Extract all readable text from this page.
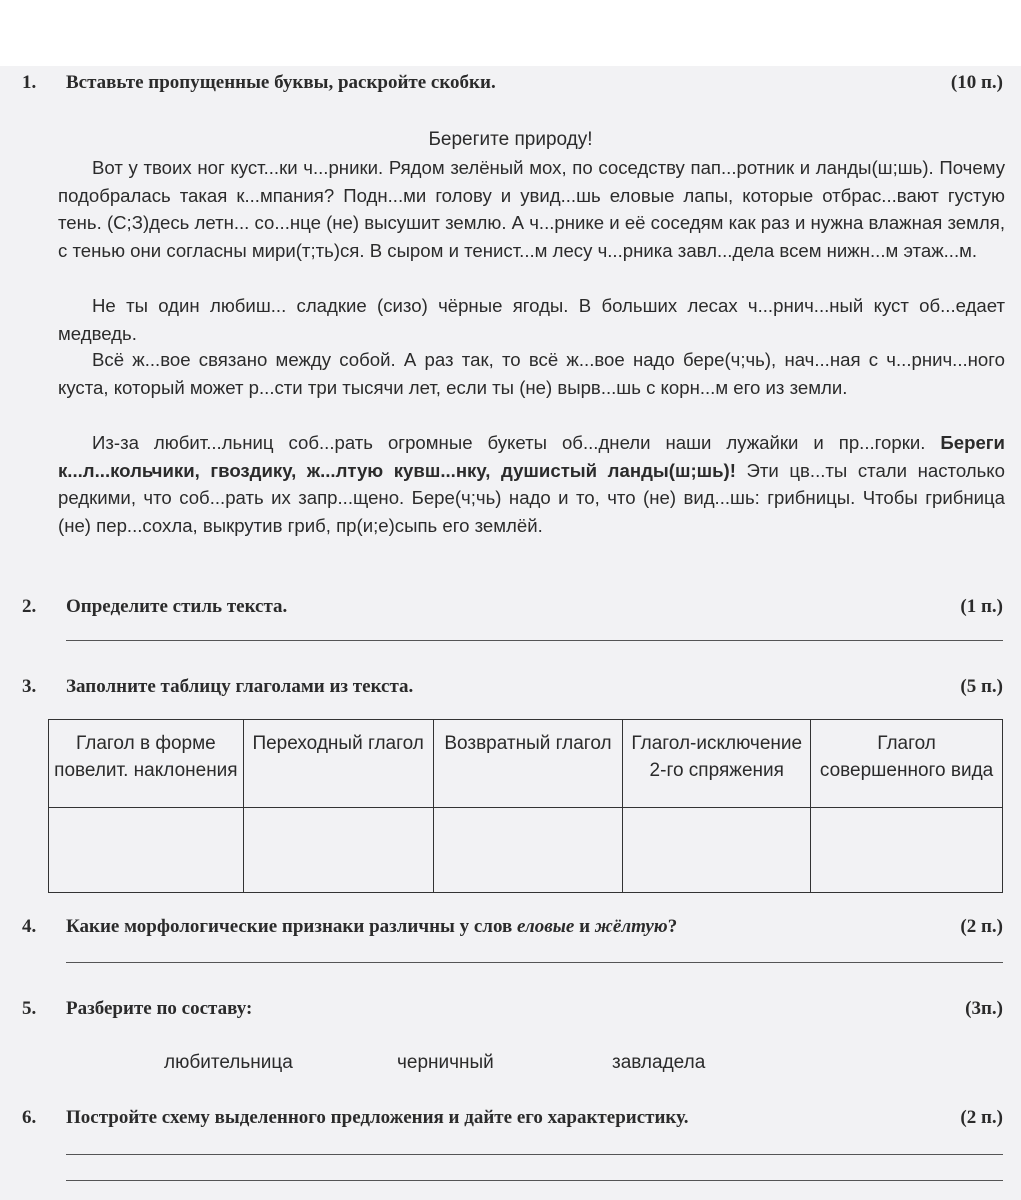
1.	Вставьте пропущенные буквы, раскройте скобки.	(10 п.)
Берегите природу!

Вот у твоих ног куст...ки ч...рники. Рядом зелёный мох, по соседству пап...ротник и ланды(ш;шь). Почему подобралась такая к...мпания? Подн...ми голову и увид...шь еловые лапы, которые отбрас...вают густую тень. (С;З)десь летн... со...нце (не) высушит землю. А ч...рнике и её соседям как раз и нужна влажная земля, с тенью они согласны мири(т;ть)ся. В сыром и тенист...м лесу ч...рника завл...дела всем нижн...м этаж...м.

Не ты один любиш... сладкие (сизо) чёрные ягоды. В больших лесах ч...рнич...ный куст об...едает медведь.

Всё ж...вое связано между собой. А раз так, то всё ж...вое надо бере(ч;чь), нач...ная с ч...рнич...ного куста, который может р...сти три тысячи лет, если ты (не) выpв...шь с корн...м его из земли.

Из-за любит...льниц соб...рать огромные букеты об...днели наши лужайки и пр...горки. Береги к...л...кольчики, гвоздику, ж...лтую кувш...нку, душистый ланды(ш;шь)! Эти цв...ты стали настолько редкими, что соб...рать их запр...щено. Бере(ч;чь) надо и то, что (не) вид...шь: грибницы. Чтобы грибница (не) пер...сохла, выкрутив гриб, пр(и;е)сыпь его землёй.

2.	Определите стиль текста.	(1 п.)
3.	Заполните таблицу глаголами из текста.	(5 п.)
Глагол в форме повелит. наклонения	Переходный глагол	Возвратный глагол	Глагол-исключение 2-го спряжения	Глагол совершенного вида

4.	Какие морфологические признаки различны у слов еловые и жёлтую?	(2 п.)
5.	Разберите по составу:	(3п.)
любительница	черничный	завладела
6.	Постройте схему выделенного предложения и дайте его характеристику.	(2 п.)
